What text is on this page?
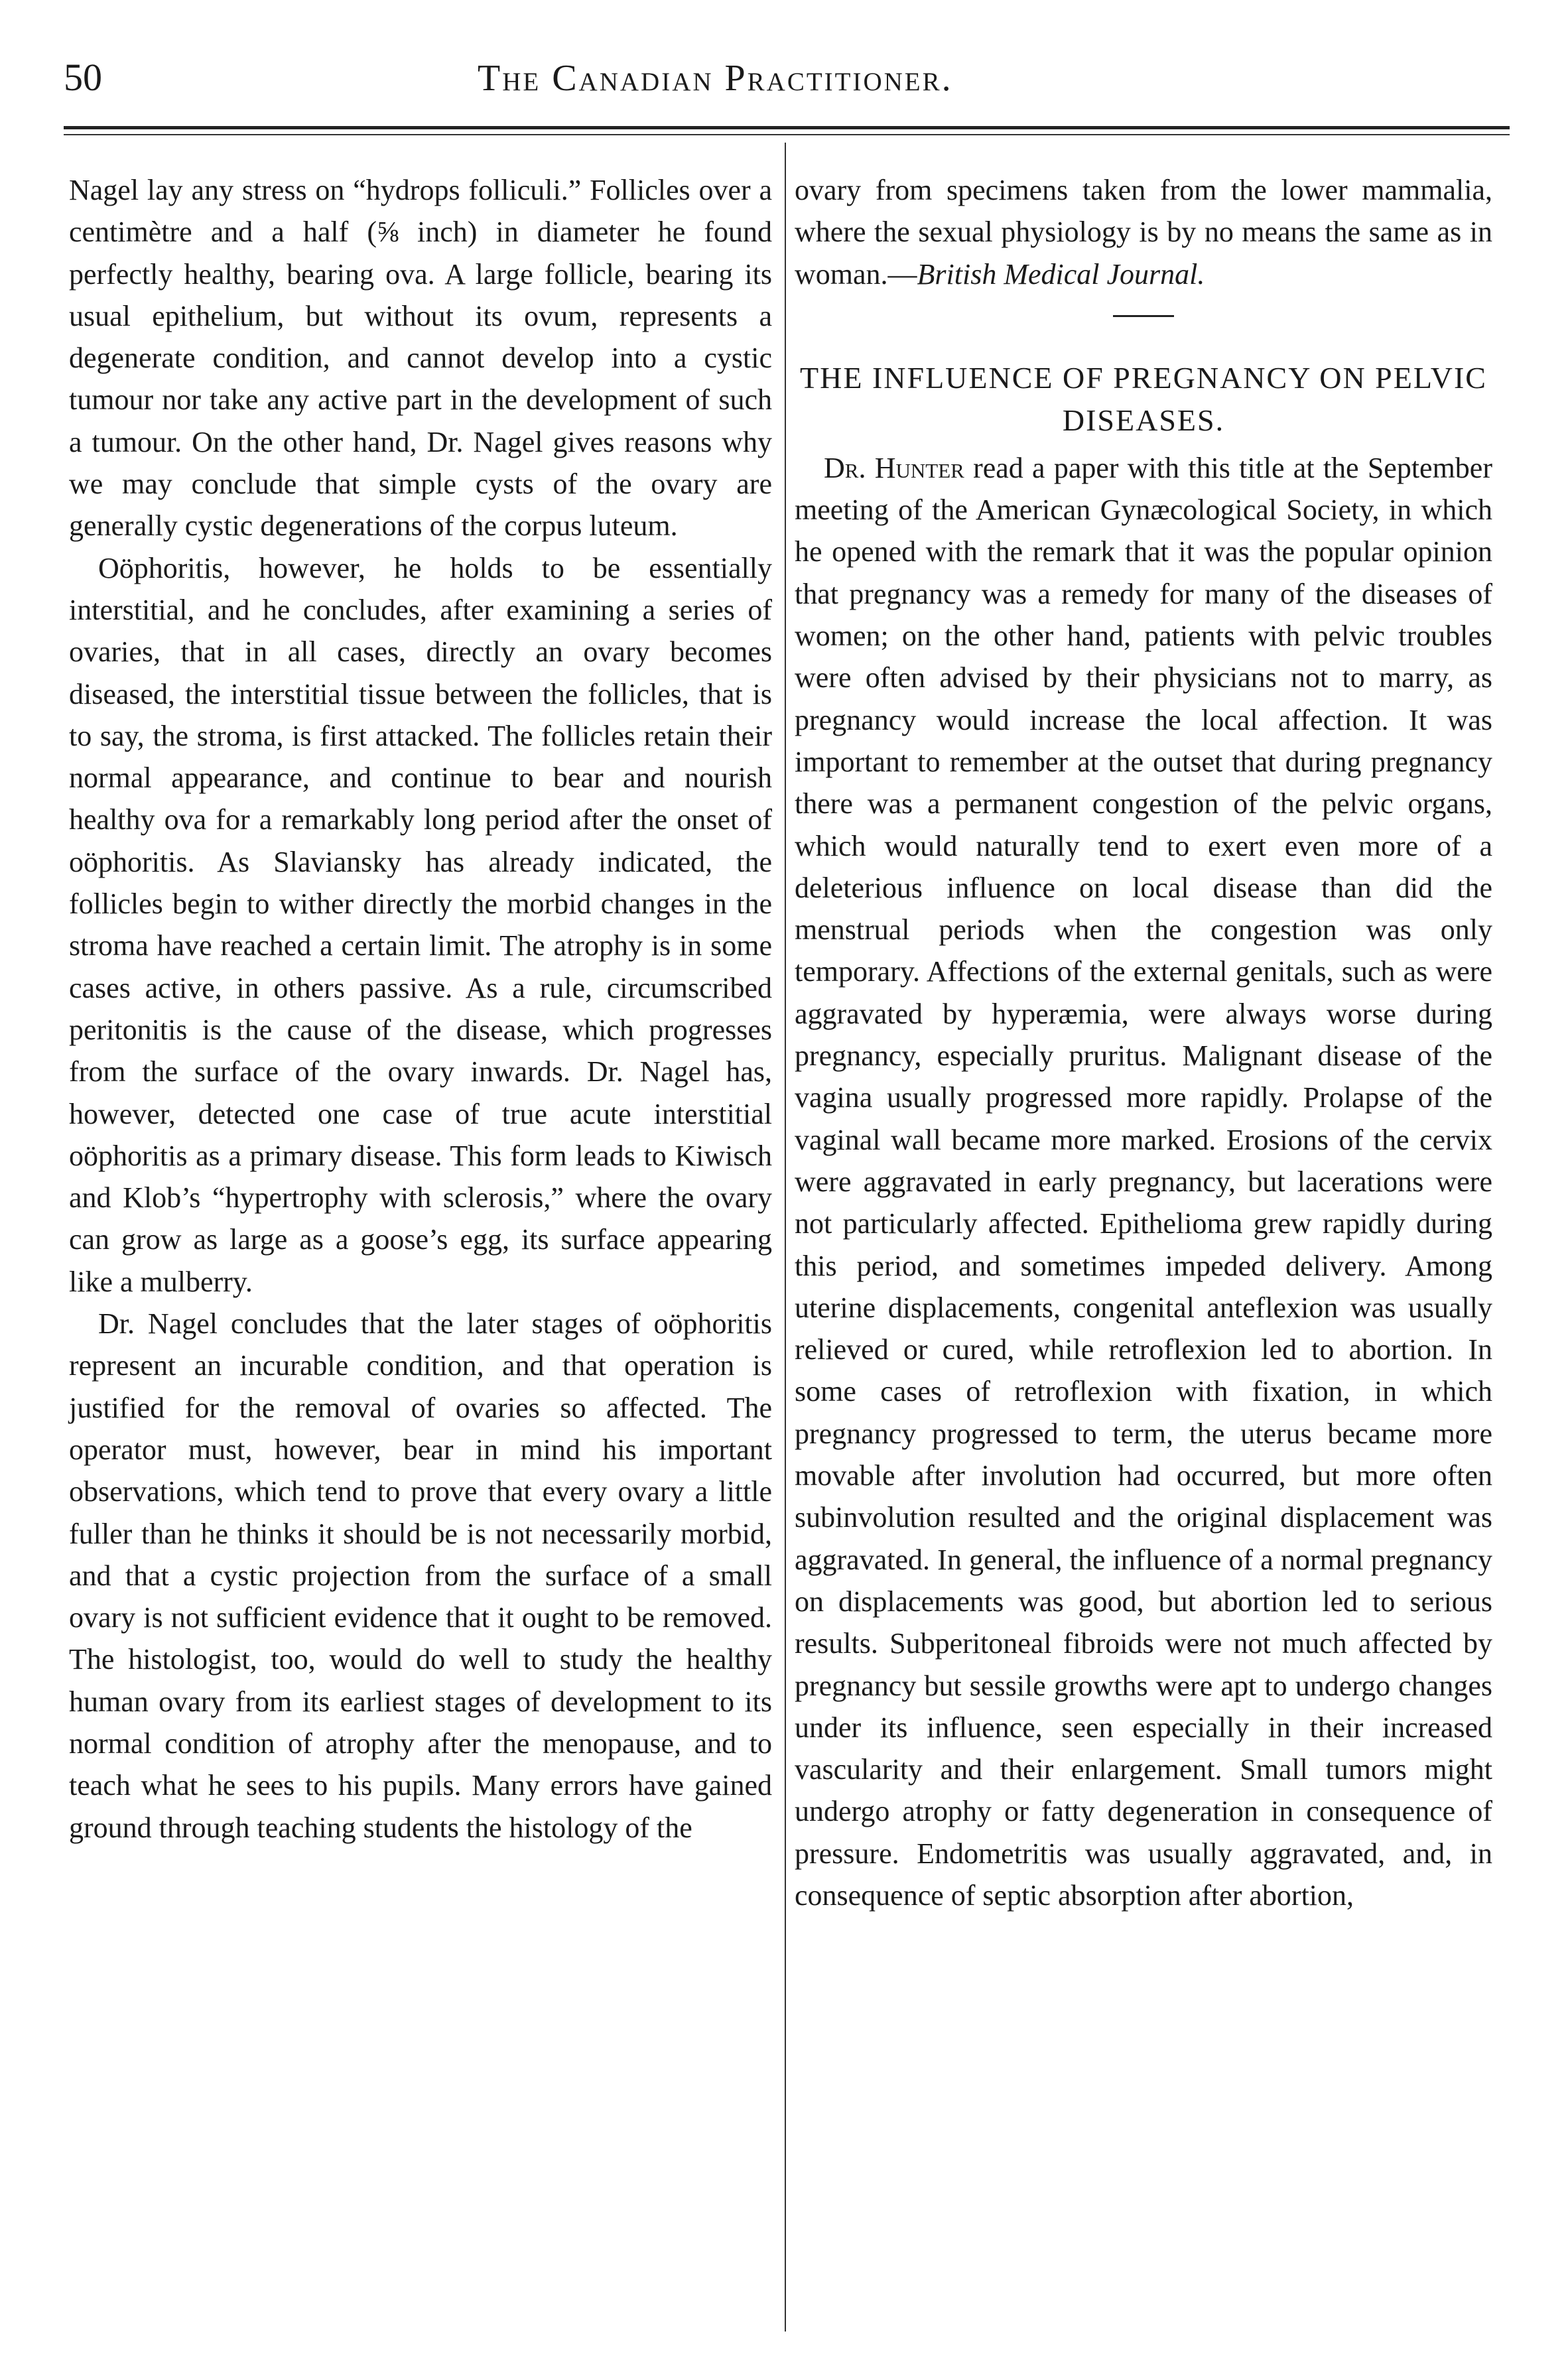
50	The Canadian Practitioner.

Nagel lay any stress on “hydrops folliculi.” Follicles over a centimètre and a half (⅝ inch) in diameter he found perfectly healthy, bearing ova. A large follicle, bearing its usual epithelium, but without its ovum, represents a degenerate condition, and cannot develop into a cystic tumour nor take any active part in the development of such a tumour. On the other hand, Dr. Nagel gives reasons why we may conclude that simple cysts of the ovary are generally cystic degenerations of the corpus luteum.

Oöphoritis, however, he holds to be essentially interstitial, and he concludes, after examining a series of ovaries, that in all cases, directly an ovary becomes diseased, the interstitial tissue between the follicles, that is to say, the stroma, is first attacked. The follicles retain their normal appearance, and continue to bear and nourish healthy ova for a remarkably long period after the onset of oöphoritis. As Slaviansky has already indicated, the follicles begin to wither directly the morbid changes in the stroma have reached a certain limit. The atrophy is in some cases active, in others passive. As a rule, circumscribed peritonitis is the cause of the disease, which progresses from the surface of the ovary inwards. Dr. Nagel has, however, detected one case of true acute interstitial oöphoritis as a primary disease. This form leads to Kiwisch and Klob’s “hypertrophy with sclerosis,” where the ovary can grow as large as a goose’s egg, its surface appearing like a mulberry.

Dr. Nagel concludes that the later stages of oöphoritis represent an incurable condition, and that operation is justified for the removal of ovaries so affected. The operator must, however, bear in mind his important observations, which tend to prove that every ovary a little fuller than he thinks it should be is not necessarily morbid, and that a cystic projection from the surface of a small ovary is not sufficient evidence that it ought to be removed. The histologist, too, would do well to study the healthy human ovary from its earliest stages of development to its normal condition of atrophy after the menopause, and to teach what he sees to his pupils. Many errors have gained ground through teaching students the histology of the

ovary from specimens taken from the lower mammalia, where the sexual physiology is by no means the same as in woman.—British Medical Journal.

THE INFLUENCE OF PREGNANCY ON PELVIC DISEASES.

Dr. Hunter read a paper with this title at the September meeting of the American Gynæcological Society, in which he opened with the remark that it was the popular opinion that pregnancy was a remedy for many of the diseases of women; on the other hand, patients with pelvic troubles were often advised by their physicians not to marry, as pregnancy would increase the local affection. It was important to remember at the outset that during pregnancy there was a permanent congestion of the pelvic organs, which would naturally tend to exert even more of a deleterious influence on local disease than did the menstrual periods when the congestion was only temporary. Affections of the external genitals, such as were aggravated by hyperæmia, were always worse during pregnancy, especially pruritus. Malignant disease of the vagina usually progressed more rapidly. Prolapse of the vaginal wall became more marked. Erosions of the cervix were aggravated in early pregnancy, but lacerations were not particularly affected. Epithelioma grew rapidly during this period, and sometimes impeded delivery. Among uterine displacements, congenital anteflexion was usually relieved or cured, while retroflexion led to abortion. In some cases of retroflexion with fixation, in which pregnancy progressed to term, the uterus became more movable after involution had occurred, but more often subinvolution resulted and the original displacement was aggravated. In general, the influence of a normal pregnancy on displacements was good, but abortion led to serious results. Subperitoneal fibroids were not much affected by pregnancy but sessile growths were apt to undergo changes under its influence, seen especially in their increased vascularity and their enlargement. Small tumors might undergo atrophy or fatty degeneration in consequence of pressure. Endometritis was usually aggravated, and, in consequence of septic absorption after abortion,
